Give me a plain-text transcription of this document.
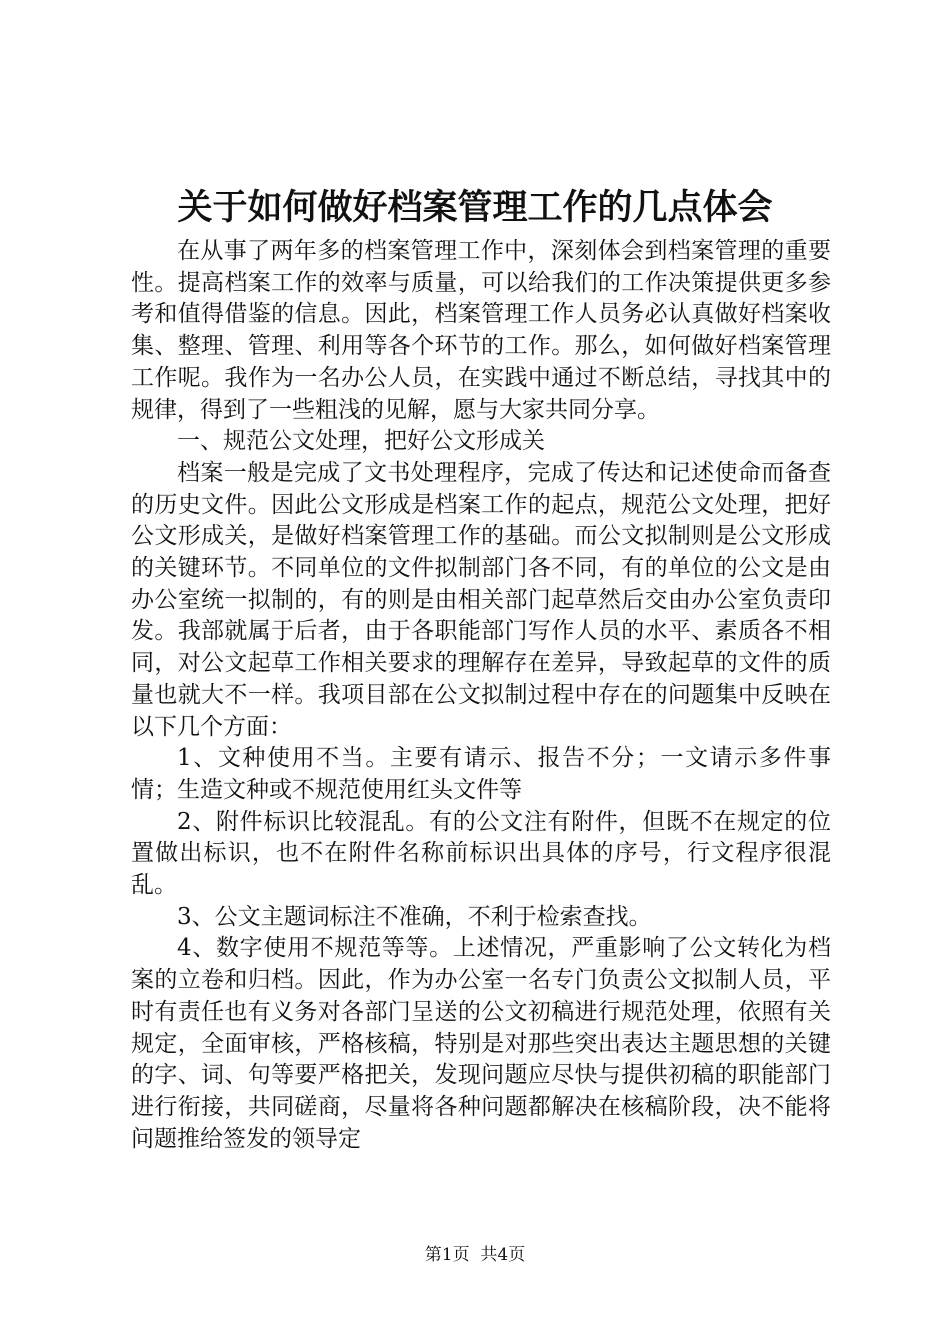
关于如何做好档案管理工作的几点体会

在从事了两年多的档案管理工作中，深刻体会到档案管理的重要性。提高档案工作的效率与质量，可以给我们的工作决策提供更多参考和值得借鉴的信息。因此，档案管理工作人员务必认真做好档案收集、整理、管理、利用等各个环节的工作。那么，如何做好档案管理工作呢。我作为一名办公人员，在实践中通过不断总结，寻找其中的规律，得到了一些粗浅的见解，愿与大家共同分享。

一、规范公文处理，把好公文形成关

档案一般是完成了文书处理程序，完成了传达和记述使命而备查的历史文件。因此公文形成是档案工作的起点，规范公文处理，把好公文形成关，是做好档案管理工作的基础。而公文拟制则是公文形成的关键环节。不同单位的文件拟制部门各不同，有的单位的公文是由办公室统一拟制的，有的则是由相关部门起草然后交由办公室负责印发。我部就属于后者，由于各职能部门写作人员的水平、素质各不相同，对公文起草工作相关要求的理解存在差异，导致起草的文件的质量也就大不一样。我项目部在公文拟制过程中存在的问题集中反映在以下几个方面：

1、文种使用不当。主要有请示、报告不分；一文请示多件事情；生造文种或不规范使用红头文件等

2、附件标识比较混乱。有的公文注有附件，但既不在规定的位置做出标识，也不在附件名称前标识出具体的序号，行文程序很混乱。

3、公文主题词标注不准确，不利于检索查找。

4、数字使用不规范等等。上述情况，严重影响了公文转化为档案的立卷和归档。因此，作为办公室一名专门负责公文拟制人员，平时有责任也有义务对各部门呈送的公文初稿进行规范处理，依照有关规定，全面审核，严格核稿，特别是对那些突出表达主题思想的关键的字、词、句等要严格把关，发现问题应尽快与提供初稿的职能部门进行衔接，共同磋商，尽量将各种问题都解决在核稿阶段，决不能将问题推给签发的领导定

第1页 共4页
